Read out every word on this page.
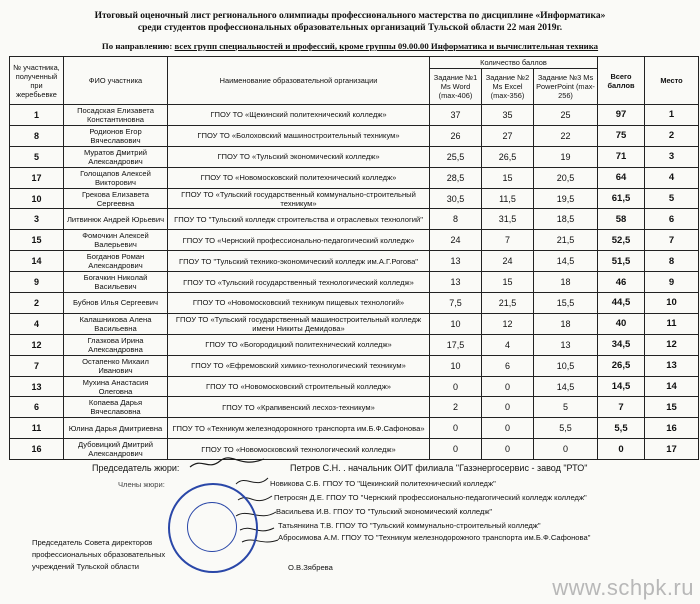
Итоговый оценочный лист регионального олимпиады профессионального мастерства по дисциплине «Информатика»
среди студентов профессиональных образовательных организаций Тульской области 22 мая 2019г.
По направлению: всех групп специальностей и профессий, кроме группы 09.00.00 Информатика и вычислительная техника
№ участника, полученный при жеребьевке	ФИО участника	Наименование образовательной организации	Количество баллов			Всего баллов	Место
			Задание №1 Ms Word (max-406)	Задание №2 Ms Excel (max-356)	Задание №3 Ms PowerPoint (max-256)		
1	Посадская Елизавета Константиновна	ГПОУ ТО «Щекинский политехнический колледж»	37	35	25	97	1
8	Родионов Егор Вячеславович	ГПОУ ТО «Болоховский машиностроительный техникум»	26	27	22	75	2
5	Муратов Дмитрий Александрович	ГПОУ ТО «Тульский экономический колледж»	25,5	26,5	19	71	3
17	Голощапов Алексей Викторович	ГПОУ ТО «Новомосковский политехнический колледж»	28,5	15	20,5	64	4
10	Грекова Елизавета Сергеевна	ГПОУ ТО «Тульский государственный коммунально-строительный техникум»	30,5	11,5	19,5	61,5	5
3	Литвинюк Андрей Юрьевич	ГПОУ ТО "Тульский колледж строительства и отраслевых технологий"	8	31,5	18,5	58	6
15	Фомочкин Алексей Валерьевич	ГПОУ ТО «Чернский профессионально-педагогический колледж»	24	7	21,5	52,5	7
14	Богданов Роман Александрович	ГПОУ ТО "Тульский технико-экономический колледж им.А.Г.Рогова"	13	24	14,5	51,5	8
9	Богачкин Николай Васильевич	ГПОУ ТО «Тульский государственный технологический колледж»	13	15	18	46	9
2	Бубнов Илья Сергеевич	ГПОУ ТО «Новомосковский техникум пищевых технологий»	7,5	21,5	15,5	44,5	10
4	Калашникова Алена Васильевна	ГПОУ ТО «Тульский государственный машиностроительный колледж имени Никиты Демидова»	10	12	18	40	11
12	Глазкова Ирина Александровна	ГПОУ ТО «Богородицкий политехнический колледж»	17,5	4	13	34,5	12
7	Остапенко Михаил Иванович	ГПОУ ТО «Ефремовский химико-технологический техникум»	10	6	10,5	26,5	13
13	Мухина Анастасия Олеговна	ГПОУ ТО «Новомосковский строительный колледж»	0	0	14,5	14,5	14
6	Копаева Дарья Вячеславовна	ГПОУ ТО «Крапивенский лесхоз-техникум»	2	0	5	7	15
11	Юлина Дарья Дмитриевна	ГПОУ ТО «Техникум железнодорожного транспорта им.Б.Ф.Сафонова»	0	0	5,5	5,5	16
16	Дубовицкий Дмитрий Александрович	ГПОУ ТО «Новомосковский технологический колледж»	0	0	0	0	17
Председатель жюри:	Петров С.Н. . начальник ОИТ филиала "Газэнергосервис - завод "РТО"
Члены жюри:	Новикова С.Б. ГПОУ ТО "Щекинский политехнический колледж"
Петросян Д.Е. ГПОУ ТО "Чернский профессионально-педагогический колледж колледж"
Васильева И.В. ГПОУ ТО "Тульский экономический колледж"
Татьянкина Т.В. ГПОУ ТО "Тульский коммунально-строительный колледж"
Абросимова А.М. ГПОУ ТО "Техникум железнодорожного транспорта им.Б.Ф.Сафонова"
Председатель Совета директоров
профессиональных образовательных
учреждений Тульской области	О.В.Зябрева
www.schpk.ru
